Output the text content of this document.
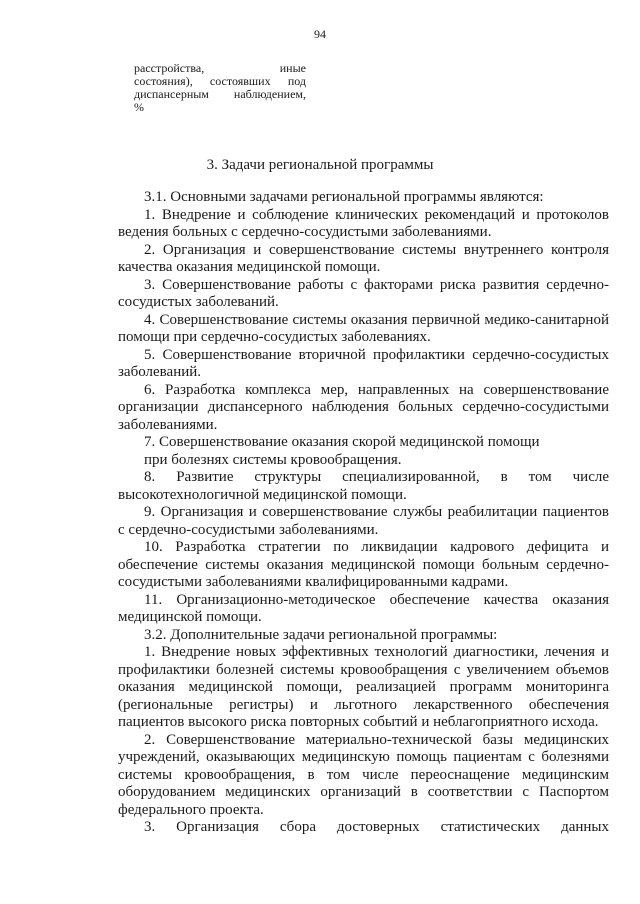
94
расстройства, иные
состояния), состоявших под
диспансерным наблюдением,
%
3. Задачи региональной программы

3.1. Основными задачами региональной программы являются:

1. Внедрение и соблюдение клинических рекомендаций и протоколов ведения больных с сердечно-сосудистыми заболеваниями.

2. Организация и совершенствование системы внутреннего контроля качества оказания медицинской помощи.

3. Совершенствование работы с факторами риска развития сердечно-сосудистых заболеваний.

4. Совершенствование системы оказания первичной медико-санитарной помощи при сердечно-сосудистых заболеваниях.

5. Совершенствование вторичной профилактики сердечно-сосудистых заболеваний.

6. Разработка комплекса мер, направленных на совершенствование организации диспансерного наблюдения больных сердечно-сосудистыми заболеваниями.

7. Совершенствование оказания скорой медицинской помощи

при болезнях системы кровообращения.

8. Развитие структуры специализированной, в том числе высокотехнологичной медицинской помощи.

9. Организация и совершенствование службы реабилитации пациентов с сердечно-сосудистыми заболеваниями.

10. Разработка стратегии по ликвидации кадрового дефицита и обеспечение системы оказания медицинской помощи больным сердечно-сосудистыми заболеваниями квалифицированными кадрами.

11. Организационно-методическое обеспечение качества оказания медицинской помощи.

3.2. Дополнительные задачи региональной программы:

1. Внедрение новых эффективных технологий диагностики, лечения и профилактики болезней системы кровообращения с увеличением объемов оказания медицинской помощи, реализацией программ мониторинга (региональные регистры) и льготного лекарственного обеспечения пациентов высокого риска повторных событий и неблагоприятного исхода.

2. Совершенствование материально-технической базы медицинских учреждений, оказывающих медицинскую помощь пациентам с болезнями системы кровообращения, в том числе переоснащение медицинским оборудованием медицинских организаций в соответствии с Паспортом федерального проекта.

3. Организация сбора достоверных статистических данных
